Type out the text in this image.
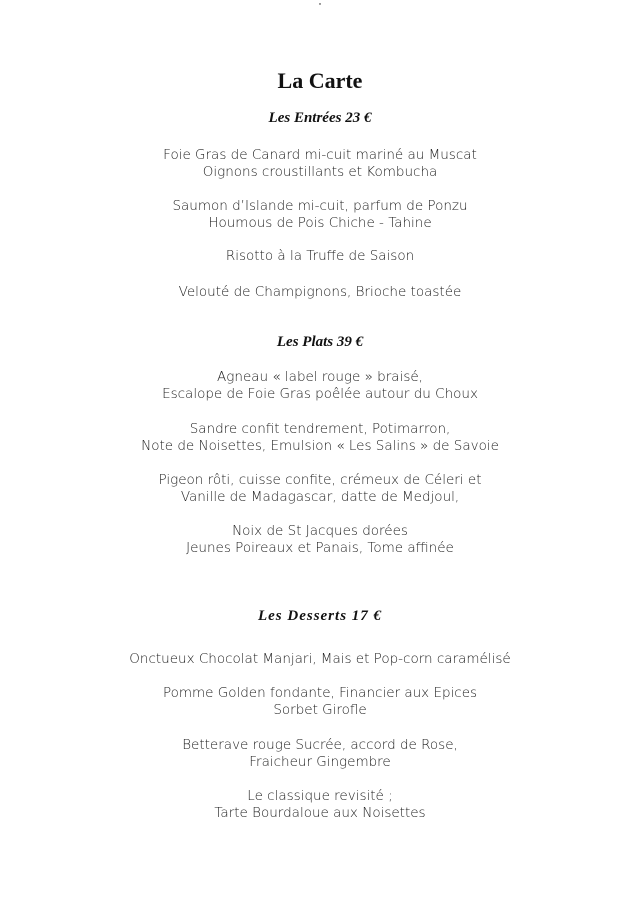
"
La Carte
Les Entrées 23 €
Foie Gras de Canard mi-cuit mariné au Muscat
Oignons croustillants et Kombucha
Saumon d’Islande mi-cuit, parfum de Ponzu
Houmous de Pois Chiche - Tahine
Risotto à la Truffe de Saison
Velouté de Champignons, Brioche toastée
Les Plats 39 €
Agneau « label rouge » braisé,
Escalope de Foie Gras poêlée autour du Choux
Sandre confit tendrement, Potimarron,
Note de Noisettes, Emulsion « Les Salins » de Savoie
Pigeon rôti, cuisse confite, crémeux de Céleri et
Vanille de Madagascar, datte de Medjoul,
Noix de St Jacques dorées
Jeunes Poireaux et Panais, Tome affinée
Les Desserts 17 €
Onctueux Chocolat Manjari, Mais et Pop-corn caramélisé
Pomme Golden fondante, Financier aux Epices
Sorbet Girofle
Betterave rouge Sucrée, accord de Rose,
Fraicheur Gingembre
Le classique revisité ;
Tarte Bourdaloue aux Noisettes
